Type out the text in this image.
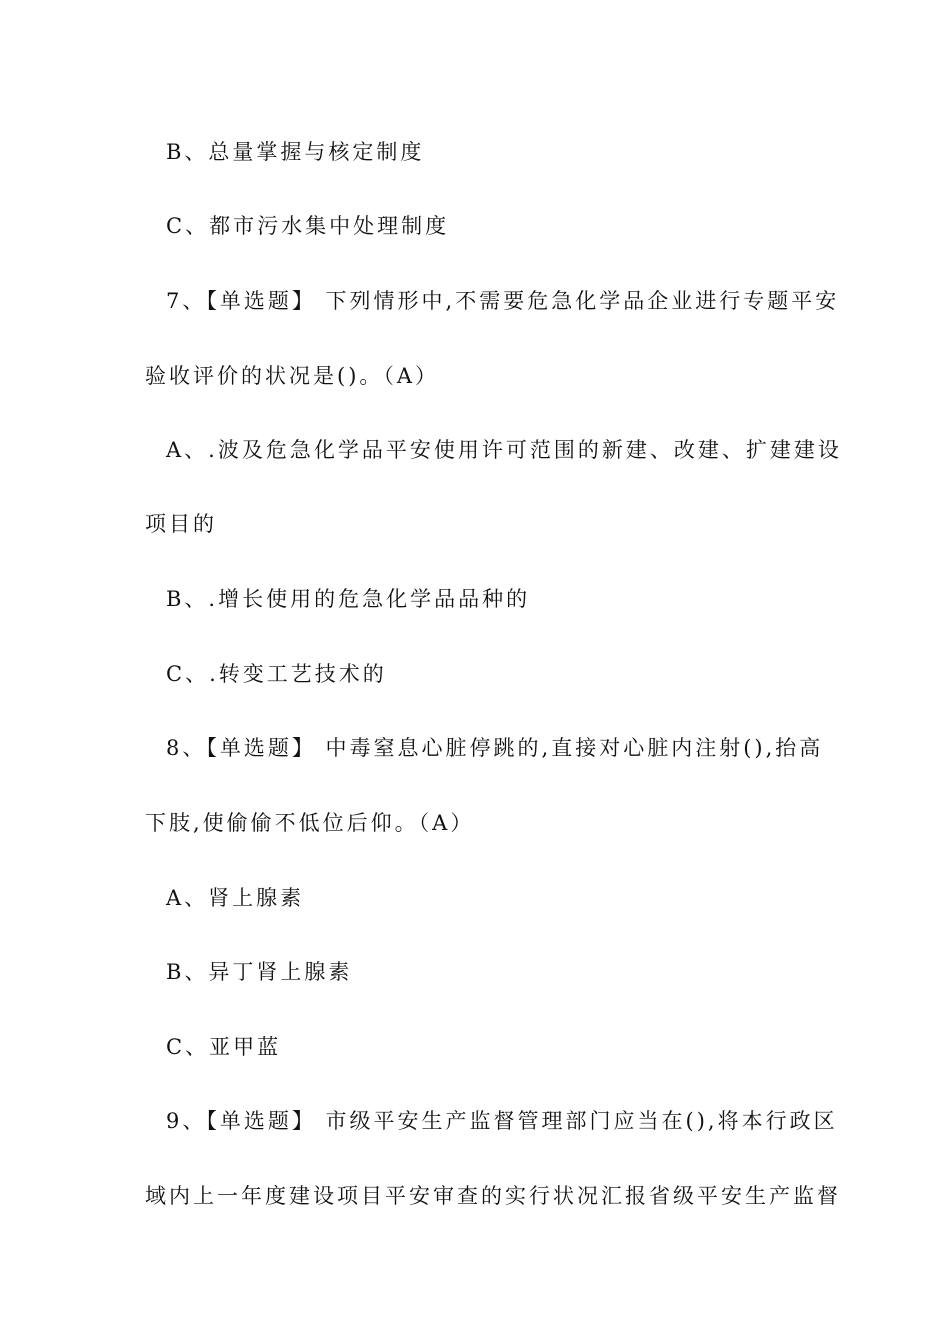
B、总量掌握与核定制度
C、都市污水集中处理制度
7、【单选题】 下列情形中,不需要危急化学品企业进行专题平安
验收评价的状况是()。（A）
A、.波及危急化学品平安使用许可范围的新建、改建、扩建建设
项目的
B、.增长使用的危急化学品品种的
C、.转变工艺技术的
8、【单选题】 中毒窒息心脏停跳的,直接对心脏内注射(),抬高
下肢,使偷偷不低位后仰。（A）
A、肾上腺素
B、异丁肾上腺素
C、亚甲蓝
9、【单选题】 市级平安生产监督管理部门应当在(),将本行政区
域内上一年度建设项目平安审查的实行状况汇报省级平安生产监督
